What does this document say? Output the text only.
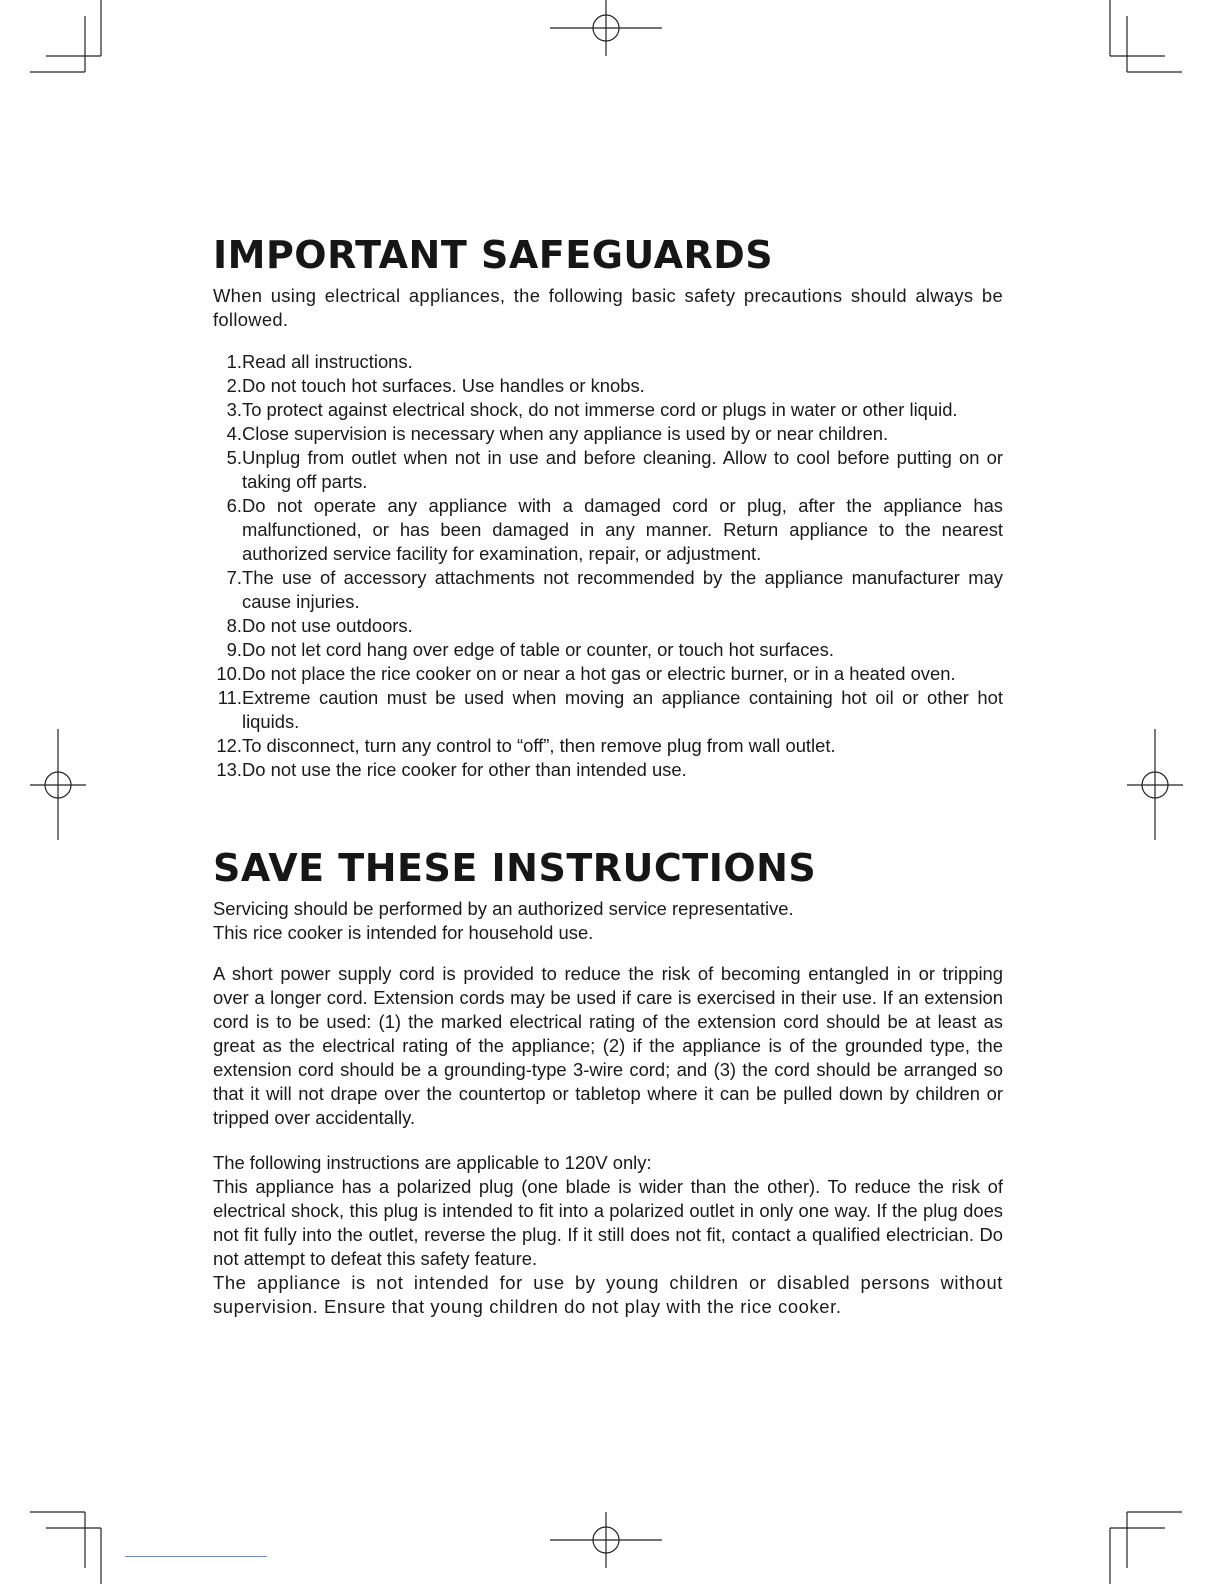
IMPORTANT SAFEGUARDS

When using electrical appliances, the following basic safety precautions should always be followed.

1. Read all instructions.
2. Do not touch hot surfaces. Use handles or knobs.
3. To protect against electrical shock, do not immerse cord or plugs in water or other liquid.
4. Close supervision is necessary when any appliance is used by or near children.
5. Unplug from outlet when not in use and before cleaning. Allow to cool before putting on or taking off parts.
6. Do not operate any appliance with a damaged cord or plug, after the appliance has malfunctioned, or has been damaged in any manner. Return appliance to the nearest authorized service facility for examination, repair, or adjustment.
7. The use of accessory attachments not recommended by the appliance manufacturer may cause injuries.
8. Do not use outdoors.
9. Do not let cord hang over edge of table or counter, or touch hot surfaces.
10. Do not place the rice cooker on or near a hot gas or electric burner, or in a heated oven.
11. Extreme caution must be used when moving an appliance containing hot oil or other hot liquids.
12. To disconnect, turn any control to “off”, then remove plug from wall outlet.
13. Do not use the rice cooker for other than intended use.
SAVE THESE INSTRUCTIONS

Servicing should be performed by an authorized service representative.

This rice cooker is intended for household use.

A short power supply cord is provided to reduce the risk of becoming entangled in or tripping over a longer cord. Extension cords may be used if care is exercised in their use. If an extension cord is to be used: (1) the marked electrical rating of the extension cord should be at least as great as the electrical rating of the appliance; (2) if the appliance is of the grounded type, the extension cord should be a grounding-type 3-wire cord; and (3) the cord should be arranged so that it will not drape over the countertop or tabletop where it can be pulled down by children or tripped over accidentally.

The following instructions are applicable to 120V only:

This appliance has a polarized plug (one blade is wider than the other). To reduce the risk of electrical shock, this plug is intended to fit into a polarized outlet in only one way. If the plug does not fit fully into the outlet, reverse the plug. If it still does not fit, contact a qualified electrician. Do not attempt to defeat this safety feature.

The appliance is not intended for use by young children or disabled persons without supervision. Ensure that young children do not play with the rice cooker.
